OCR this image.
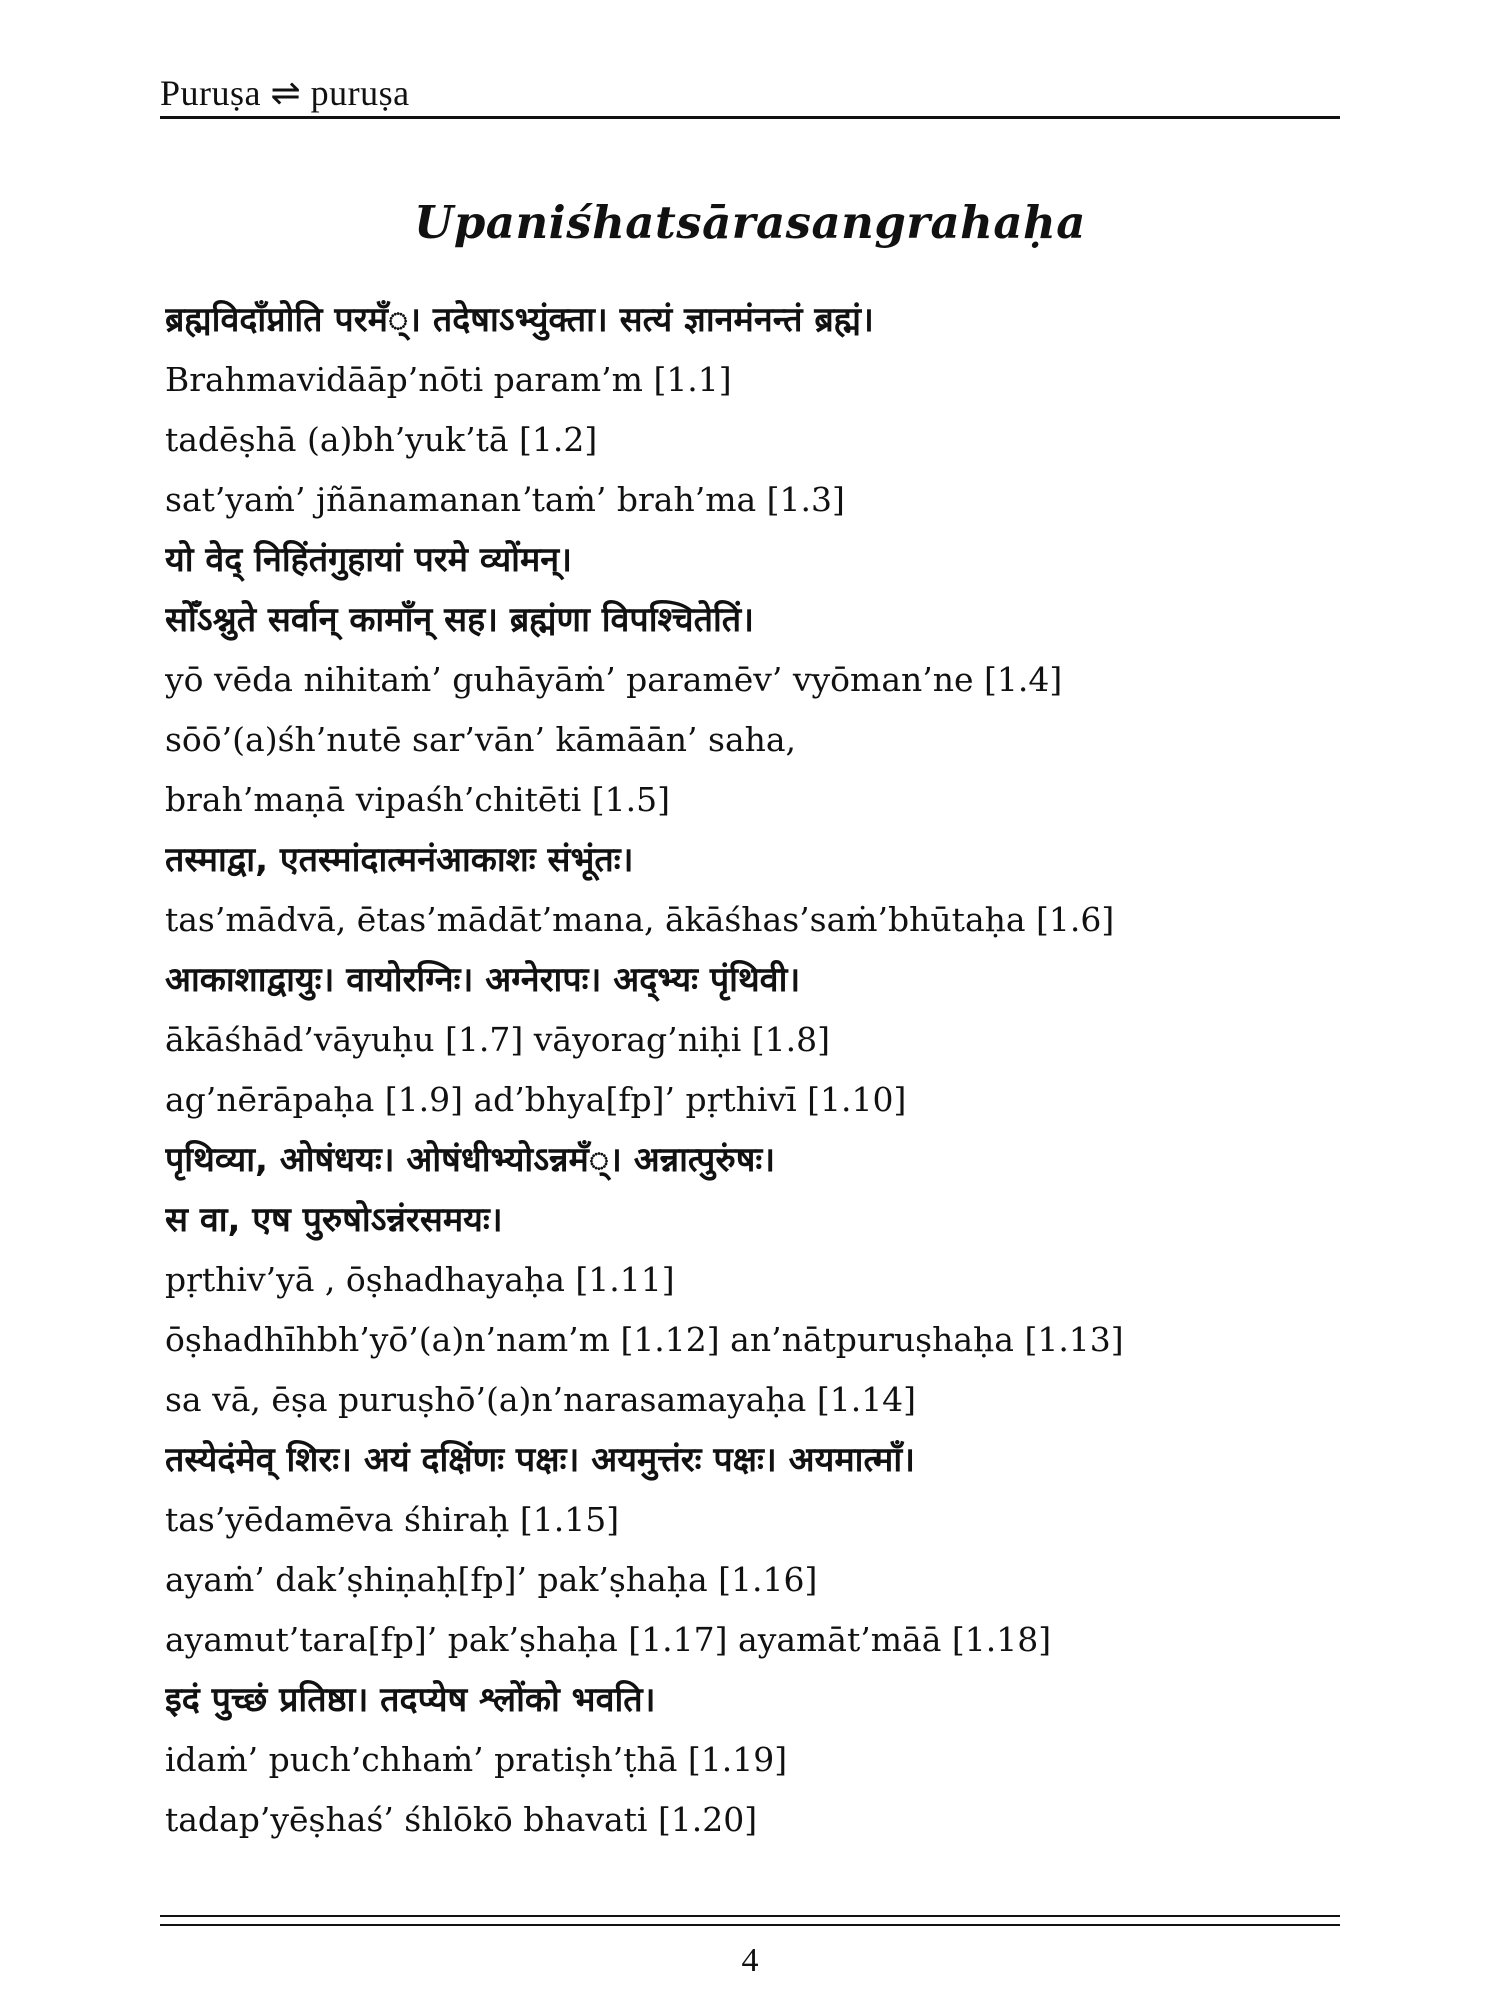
Puruṣa ⇌ puruṣa
Upaniśhatsārasangrahaḥa
ब्रह्मविदाँप्नोति परमँ्। तदेषाऽभ्युंक्ता। सत्यं ज्ञानमंनन्तं ब्रह्मं।
Brahmavidāāp’nōti param’m [1.1]
tadēṣhā (a)bh’yuk’tā [1.2]
sat’yaṁ’ jñānamananʼtaṁ’ brah’ma [1.3]
यो वेद् निहिंतंगुहायां परमे व्योंमन्।
सोँऽश्नुते सर्वान् कामाँन् सह। ब्रह्मंणा विपश्चितेतिं।
yō vēda nihitaṁ’ guhāyāṁ’ paramēv’ vyōman’ne [1.4]
sōō’(a)śh’nutē sar’vān’ kāmāān’ saha,
brah’maṇā vipaśh’chitēti [1.5]
तस्माद्वा, एतस्मांदात्मनंआकाशः संभूंतः।
tas’mādvā, ētas’mādāt’mana, ākāśhas’saṁ’bhūtaḥa [1.6]
आकाशाद्वायुः। वायोरग्निः। अग्नेरापः। अद्भ्यः पृंथिवी।
ākāśhād’vāyuḥu [1.7] vāyorag’niḥi [1.8]
ag’nērāpaḥa [1.9] ad’bhya[fp]’ pṛthivī [1.10]
पृथिव्या, ओषंधयः। ओषंधीभ्योऽन्नमँ्। अन्नात्पुरुंषः।
स वा, एष पुरुषोऽन्नंरसमयः।
pṛthiv’yā , ōṣhadhayaḥa [1.11]
ōṣhadhīhbh’yō’(a)n’nam’m [1.12] an’nātpuruṣhaḥa [1.13]
sa vā, ēṣa puruṣhō’(a)n’narasamayaḥa [1.14]
तस्येदंमेव् शिरः। अयं दक्षिंणः पक्षः। अयमुत्तंरः पक्षः। अयमात्माँ।
tas’yēdamēva śhiraḥ [1.15]
ayaṁ’ dak’ṣhiṇaḥ[fp]’ pak’ṣhaḥa [1.16]
ayamut’tara[fp]’ pak’ṣhaḥa [1.17] ayamāt’māā [1.18]
इदं पुच्छं प्रतिष्ठा। तदप्येष श्लोंको भवति।
idaṁ’ puch’chhaṁ’ pratiṣh’ṭhā [1.19]
tadap’yēṣhaś’ śhlōkō bhavati [1.20]
4
